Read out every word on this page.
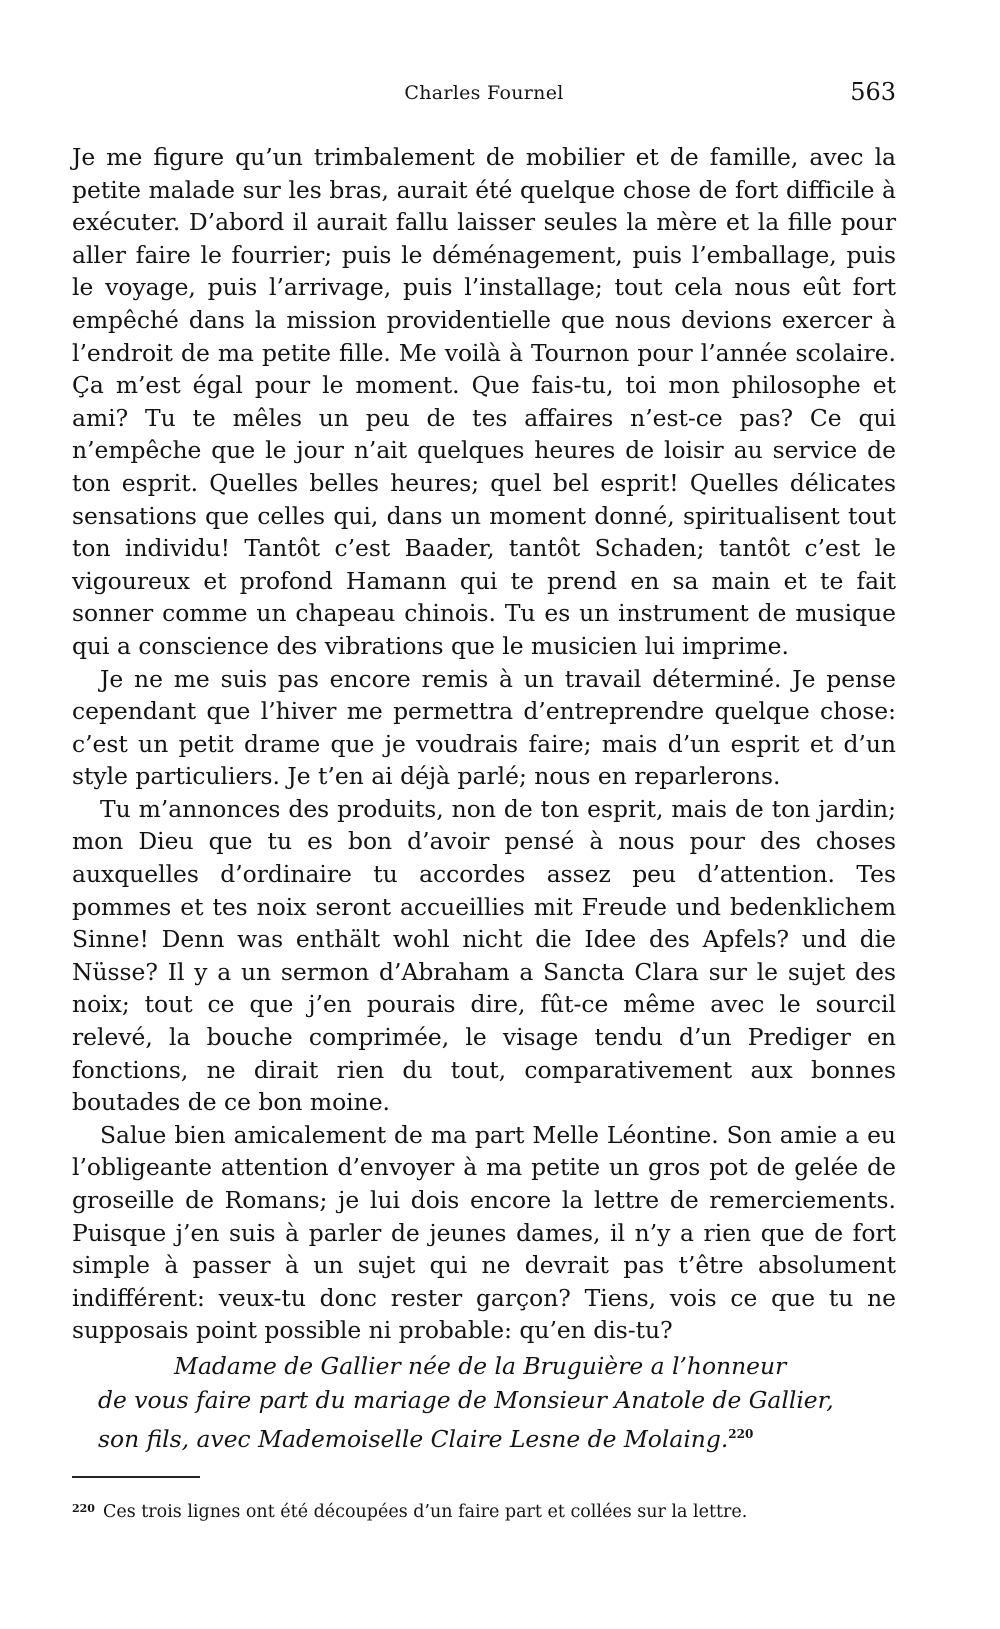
Charles Fournel	563

Je me figure qu’un trimbalement de mobilier et de famille, avec la petite malade sur les bras, aurait été quelque chose de fort difficile à exécuter. D’abord il aurait fallu laisser seules la mère et la fille pour aller faire le fourrier; puis le déménagement, puis l’emballage, puis le voyage, puis l’arrivage, puis l’installage; tout cela nous eût fort empêché dans la mission providentielle que nous devions exercer à l’endroit de ma petite fille. Me voilà à Tournon pour l’année scolaire. Ça m’est égal pour le moment. Que fais-tu, toi mon philosophe et ami? Tu te mêles un peu de tes affaires n’est-ce pas? Ce qui n’empêche que le jour n’ait quelques heures de loisir au service de ton esprit. Quelles belles heures; quel bel esprit! Quelles délicates sensations que celles qui, dans un moment donné, spiritualisent tout ton individu! Tantôt c’est Baader, tantôt Schaden; tantôt c’est le vigoureux et profond Hamann qui te prend en sa main et te fait sonner comme un chapeau chinois. Tu es un instrument de musique qui a conscience des vibrations que le musicien lui imprime.

Je ne me suis pas encore remis à un travail déterminé. Je pense cependant que l’hiver me permettra d’entreprendre quelque chose: c’est un petit drame que je voudrais faire; mais d’un esprit et d’un style particuliers. Je t’en ai déjà parlé; nous en reparlerons.

Tu m’annonces des produits, non de ton esprit, mais de ton jardin; mon Dieu que tu es bon d’avoir pensé à nous pour des choses auxquelles d’ordinaire tu accordes assez peu d’attention. Tes pommes et tes noix seront accueillies mit Freude und bedenklichem Sinne! Denn was enthält wohl nicht die Idee des Apfels? und die Nüsse? Il y a un sermon d’Abraham a Sancta Clara sur le sujet des noix; tout ce que j’en pourais dire, fût-ce même avec le sourcil relevé, la bouche comprimée, le visage tendu d’un Prediger en fonctions, ne dirait rien du tout, comparativement aux bonnes boutades de ce bon moine.

Salue bien amicalement de ma part Melle Léontine. Son amie a eu l’obligeante attention d’envoyer à ma petite un gros pot de gelée de groseille de Romans; je lui dois encore la lettre de remerciements. Puisque j’en suis à parler de jeunes dames, il n’y a rien que de fort simple à passer à un sujet qui ne devrait pas t’être absolument indifférent: veux-tu donc rester garçon? Tiens, vois ce que tu ne supposais point possible ni probable: qu’en dis-tu?

Madame de Gallier née de la Bruguière a l’honneur
de vous faire part du mariage de Monsieur Anatole de Gallier,
son fils, avec Mademoiselle Claire Lesne de Molaing.$^{220}$
$^{220}$ Ces trois lignes ont été découpées d’un faire part et collées sur la lettre.
